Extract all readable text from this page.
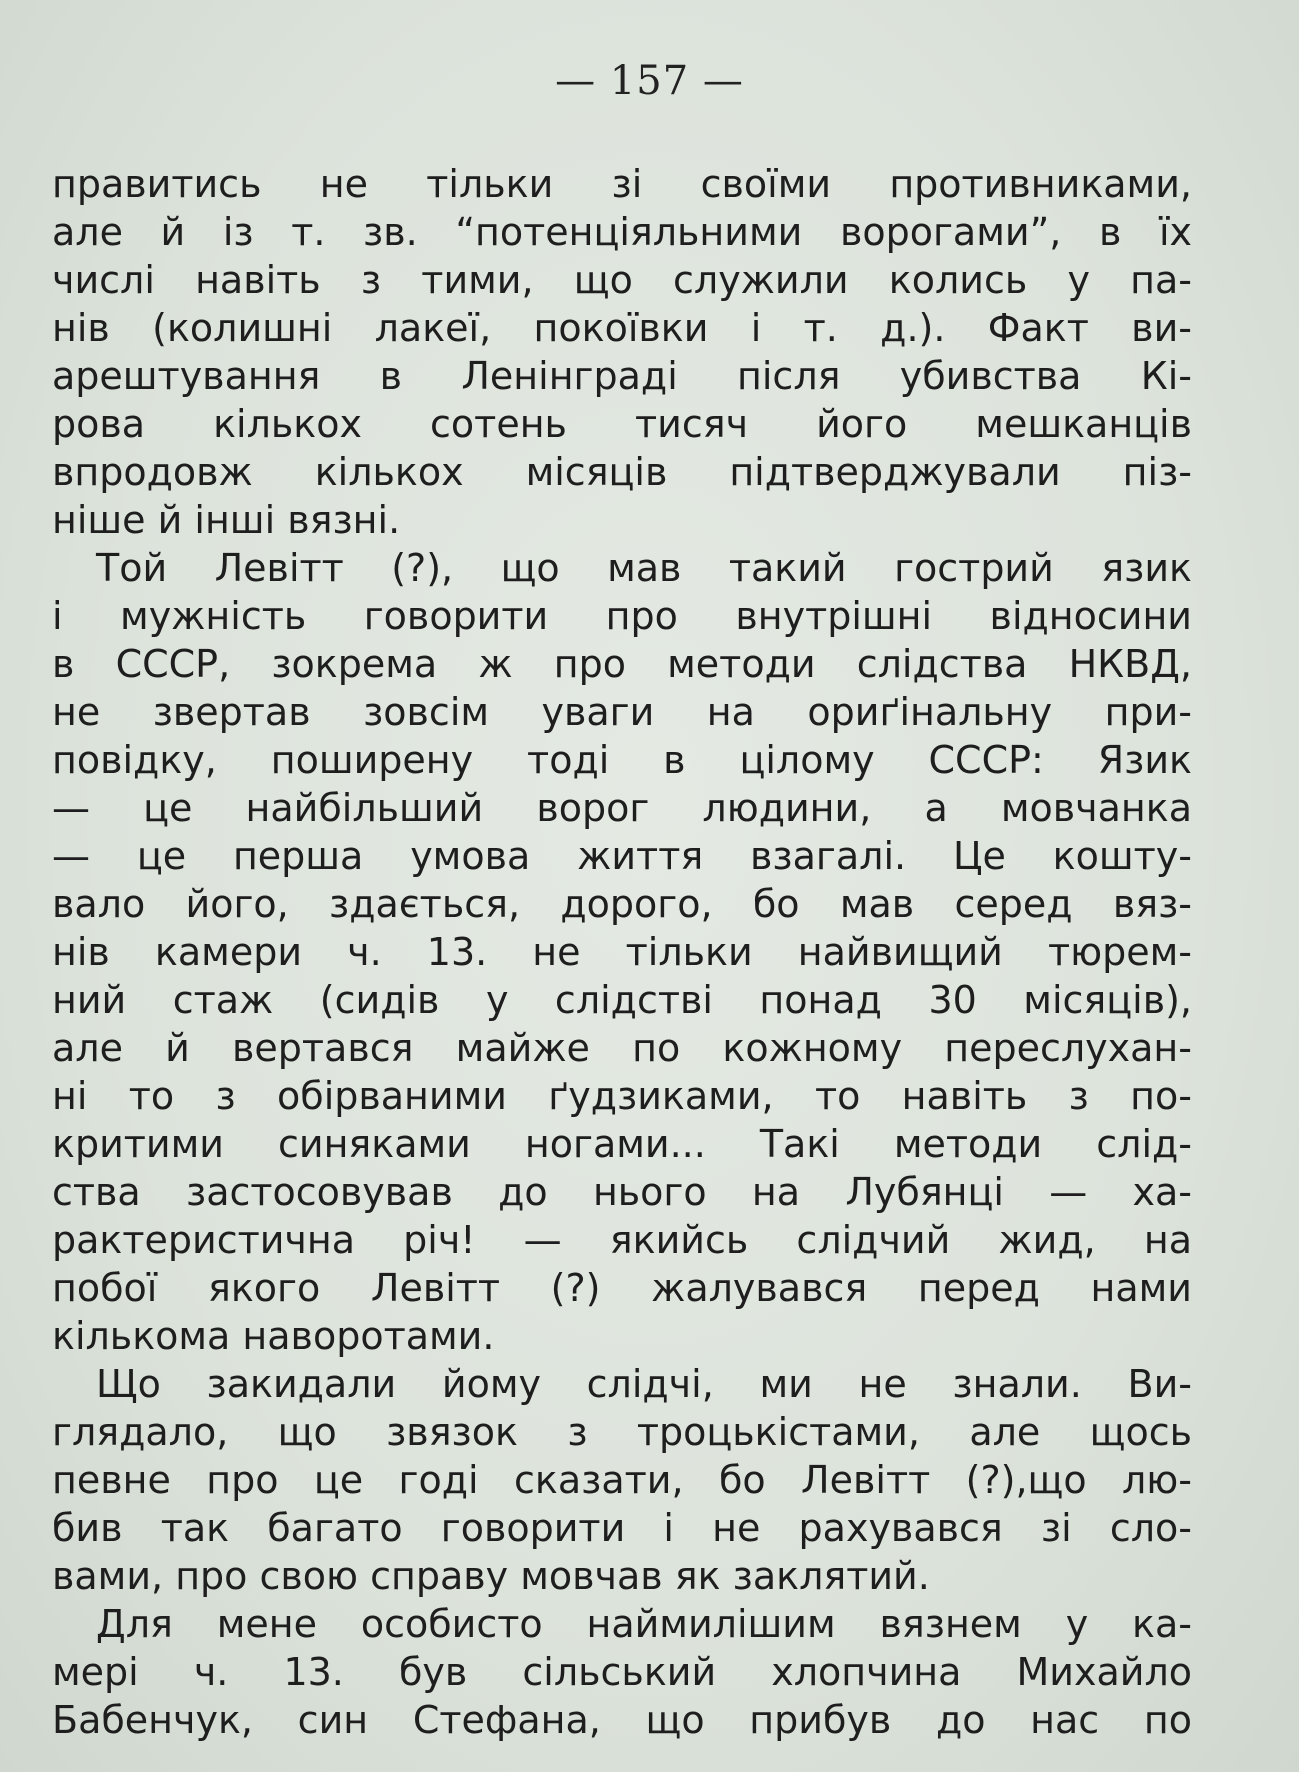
— 157 —
правитись не тільки зі своїми противниками,
але й із т. зв. “потенціяльними ворогами”, в їх
числі навіть з тими, що служили колись у па-
нів (колишні лакеї, покоївки і т. д.). Факт ви-
арештування в Ленінграді після убивства Кі-
рова кількох сотень тисяч його мешканців
впродовж кількох місяців підтверджували піз-
ніше й інші вязні.
Той Левітт (?), що мав такий гострий язик
і мужність говорити про внутрішні відносини
в СССР, зокрема ж про методи слідства НКВД,
не звертав зовсім уваги на ориґінальну при-
повідку, поширену тоді в цілому СССР: Язик
— це найбільший ворог людини, а мовчанка
— це перша умова життя взагалі. Це кошту-
вало його, здається, дорого, бо мав серед вяз-
нів камери ч. 13. не тільки найвищий тюрем-
ний стаж (сидів у слідстві понад 30 місяців),
але й вертався майже по кожному переслухан-
ні то з обірваними ґудзиками, то навіть з по-
критими синяками ногами... Такі методи слід-
ства застосовував до нього на Лубянці — ха-
рактеристична річ! — якийсь слідчий жид, на
побої якого Левітт (?) жалувався перед нами
кількома наворотами.
Що закидали йому слідчі, ми не знали. Ви-
глядало, що звязок з троцькістами, але щось
певне про це годі сказати, бо Левітт (?),що лю-
бив так багато говорити і не рахувався зі сло-
вами, про свою справу мовчав як заклятий.
Для мене особисто наймилішим вязнем у ка-
мері ч. 13. був сільський хлопчина Михайло
Бабенчук, син Стефана, що прибув до нас по
